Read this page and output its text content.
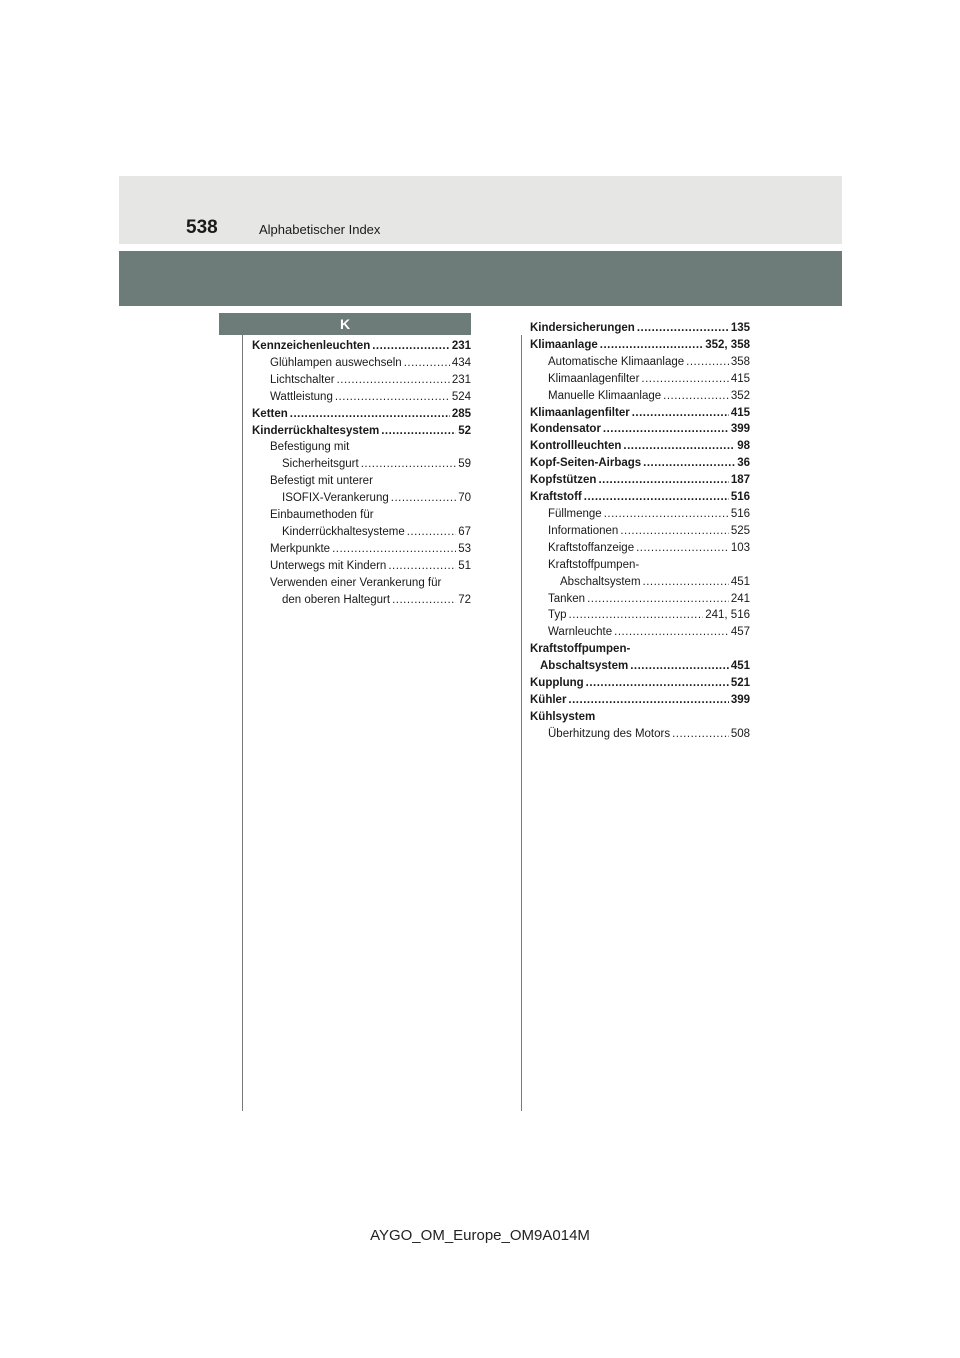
538	Alphabetischer Index
K
Kennzeichenleuchten .....	231
Glühlampen auswechseln .....	434
Lichtschalter .....	231
Wattleistung .....	524
Ketten .....	285
Kinderrückhaltesystem .....	52
Befestigung mit
Sicherheitsgurt .....	59
Befestigt mit unterer
ISOFIX-Verankerung .....	70
Einbaumethoden für
Kinderrückhaltesysteme .....	67
Merkpunkte .....	53
Unterwegs mit Kindern .....	51
Verwenden einer Verankerung für
den oberen Haltegurt .....	72
Kindersicherungen .....	135
Klimaanlage .....	352, 358
Automatische Klimaanlage .....	358
Klimaanlagenfilter .....	415
Manuelle Klimaanlage .....	352
Klimaanlagenfilter .....	415
Kondensator .....	399
Kontrollleuchten .....	98
Kopf-Seiten-Airbags .....	36
Kopfstützen .....	187
Kraftstoff .....	516
Füllmenge .....	516
Informationen .....	525
Kraftstoffanzeige .....	103
Kraftstoffpumpen-
Abschaltsystem .....	451
Tanken .....	241
Typ .....	241, 516
Warnleuchte .....	457
Kraftstoffpumpen-
Abschaltsystem .....	451
Kupplung .....	521
Kühler .....	399
Kühlsystem
Überhitzung des Motors .....	508
AYGO_OM_Europe_OM9A014M
